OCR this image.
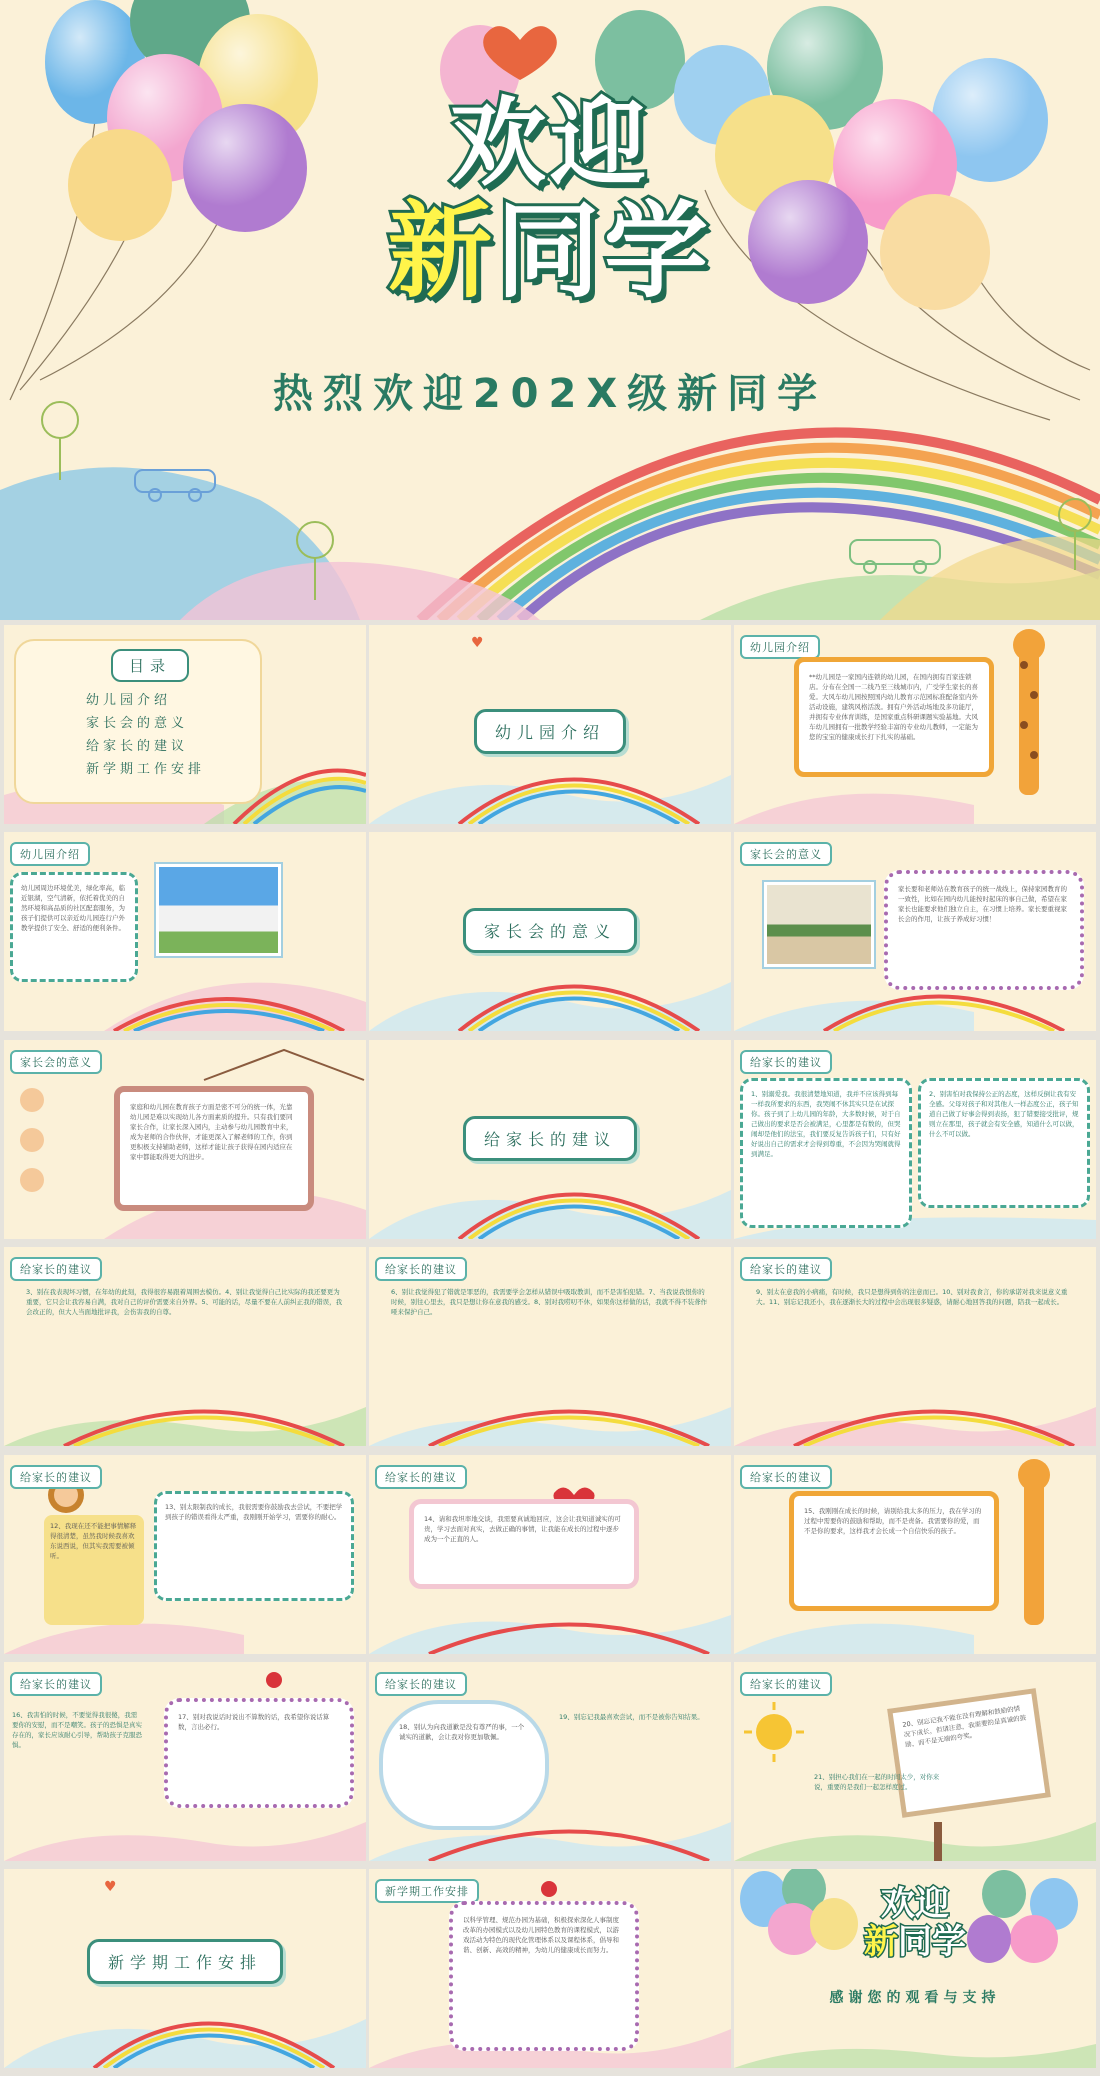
欢迎
新同学
热烈欢迎202X级新同学
目录
幼儿园介绍
家长会的意义
给家长的建议
新学期工作安排
♥
幼儿园介绍
幼儿园介绍
**幼儿园是一家国内连锁的幼儿园，在国内拥有百家连锁店。分布在全国一二线乃至三线城市内，广受学生家长的喜爱。大风车幼儿园按照国内幼儿教育示范园标准配备室内外活动设施，建筑风格活泼。拥有户外活动场地及多功能厅，并拥有专业体育训练，是国家重点科研课题实验基地。大风车幼儿园拥有一批教学经验丰富的专业幼儿教师，一定能为您的宝宝的健康成长打下扎实的基础。
幼儿园介绍
幼儿园周边环境优美，绿化率高，临近银湖，空气清新，依托着优美的自然环境和高品质的社区配套服务，为孩子们提供可以亲近幼儿园连行户外教学提供了安全、舒适的便利条件。	家长会的意义
家长会的意义
家长要和老师站在教育孩子的统一战线上，保持家园教育的一致性，比如在园内幼儿能按时起床的事自己做，希望在家家长也能要求他们独立自主，在习惯上培养。家长要重视家长会的作用，让孩子养成好习惯！
家长会的意义
家庭和幼儿园在教育孩子方面是密不可分的统一体，光靠幼儿园是难以实现幼儿各方面素质的提升。只有我们要同家长合作，让家长深入园内，主动参与幼儿园教育中来，成为老师的合作伙伴，才能更深入了解老师的工作，你到更积极支持辅助老师，这样才能让孩子获得在园内适应在家中都能取得更大的进步。
给家长的建议
给家长的建议
1、别溺爱我。我很清楚地知道，我并不应该得到每一样我所要求的东西，我哭闹不休其实只是在试探你。孩子到了上幼儿园的年龄，大多数时候，对于自己做出的要求是否会被满足，心里都是有数的，但哭闹却是他们的法宝，我们要反复告诉孩子们，只有好好说出自己的需求才会得到尊重，不会因为哭闹就得到满足。
2、别害怕对我保持公正的态度，这样反倒让我有安全感。父母对孩子和对其他人一样态度公正，孩子知道自己做了好事会得到表扬，犯了错要接受批评，规则立在那里，孩子就会有安全感，知道什么可以做，什么不可以做。
给家长的建议
3、别在我表现坏习惯，在年幼的此刻，我得很容易跟着周围去模仿。4、别让我觉得自己比实际的我还要更为重要，它只会让我容易自满，我对自己的评价需要来自外界。5、可能的话，尽量不要在人前纠正我的错误，我会改正的，但大人当面地批评我，会伤害我的自尊。
给家长的建议
6、别让我觉得犯了错就是罪恶的，我需要学会怎样从错误中吸取教训，而不是害怕犯错。7、当我说我恨你的时候，别往心里去，我只是想让你在意我的感受。8、别对我唠叨不休，如果你这样做的话，我就不得不装聋作哑来保护自己。
给家长的建议
9、别太在意我的小病痛，有时候，我只是想得到你的注意而已。10、别对我食言，你的承诺对我来说意义重大。11、别忘记我还小，我在逐渐长大的过程中会出现很多疑惑，请耐心地回答我的问题，陪我一起成长。
给家长的建议
12、我现在还不能把事情解释得很清楚，虽然我时候我喜欢东说西说，但其实我需要被倾听。
13、别太限制我的成长，我很需要你鼓励我去尝试，不要把学到孩子的错误看得太严重，我刚刚开始学习，需要你的耐心。
给家长的建议
14、请和我坦率地交谈，我需要真诚地回应，这会让我知道诚实的可贵，学习去面对真实，去做正确的事情，让我能在成长的过程中逐步成为一个正直的人。
给家长的建议
15、我刚刚在成长的时候，请别给我太多的压力，我在学习的过程中需要你的鼓励和帮助，而不是责备。我需要你的爱，而不是你的要求，这样我才会长成一个自信快乐的孩子。
给家长的建议
16、我害怕的时候，不要觉得我很傻，我需要你的安慰，而不是嘲笑。孩子的恐惧是真实存在的，家长应该耐心引导，帮助孩子克服恐惧。
17、别对我说话时说出不算数的话，我希望你说话算数，言出必行。
给家长的建议
18、别认为向我道歉是没有尊严的事，一个诚实的道歉，会让我对你更加敬佩。
19、别忘记我最喜欢尝试，而不是被你告知结果。
给家长的建议
20、别忘记我不能在没有理解和鼓励的情况下成长，但请注意，我需要的是真诚的鼓励，而不是无端的夸奖。
21、别担心我们在一起的时间太少，对你来说，重要的是我们一起怎样度过。
♥
新学期工作安排
新学期工作安排
以科学管理、规范办园为基础，积极探索深化人事制度改革的办园模式以及幼儿园特色教育的课程模式，以游戏活动为特色的现代化管理体系以及课程体系，倡导和谐、创新、高效的精神，为幼儿的健康成长而努力。
欢迎
新同学
感谢您的观看与支持
